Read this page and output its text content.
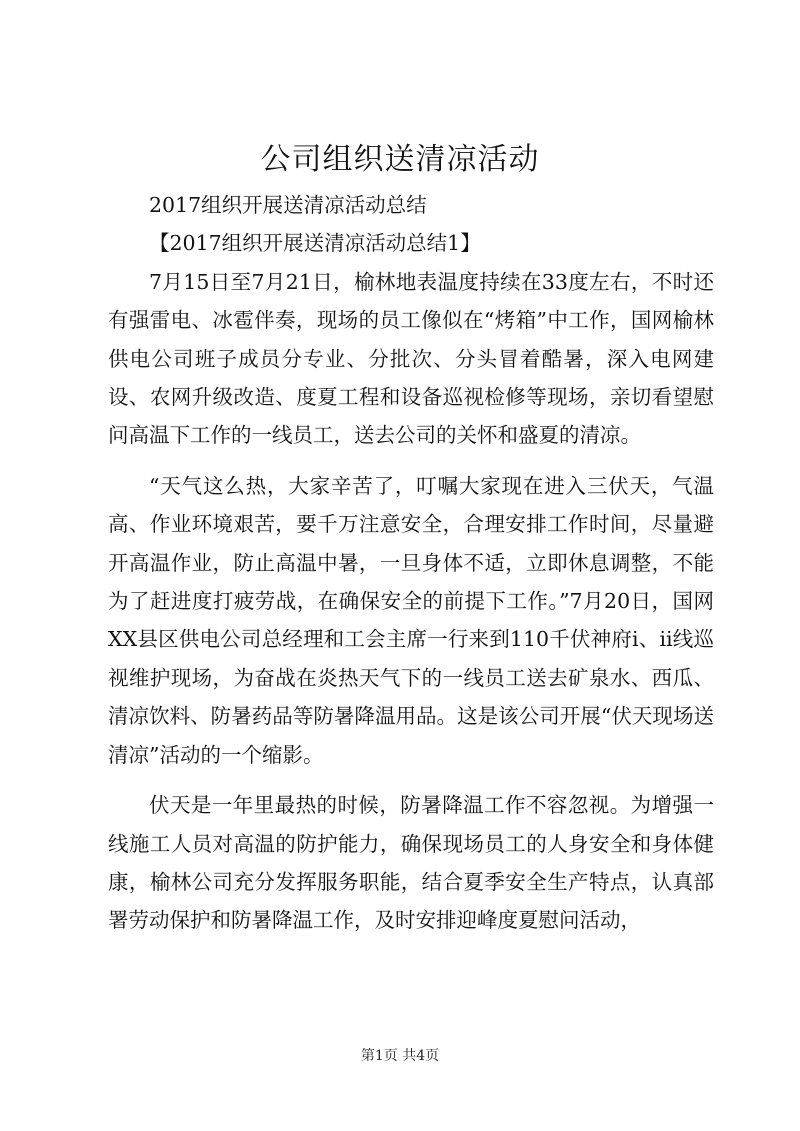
公司组织送清凉活动

2017组织开展送清凉活动总结

【2017组织开展送清凉活动总结1】

7月15日至7月21日，榆林地表温度持续在33度左右，不时还有强雷电、冰雹伴奏，现场的员工像似在“烤箱”中工作，国网榆林供电公司班子成员分专业、分批次、分头冒着酷暑，深入电网建设、农网升级改造、度夏工程和设备巡视检修等现场，亲切看望慰问高温下工作的一线员工，送去公司的关怀和盛夏的清凉。

“天气这么热，大家辛苦了，叮嘱大家现在进入三伏天，气温高、作业环境艰苦，要千万注意安全，合理安排工作时间，尽量避开高温作业，防止高温中暑，一旦身体不适，立即休息调整，不能为了赶进度打疲劳战，在确保安全的前提下工作。”7月20日，国网XX县区供电公司总经理和工会主席一行来到110千伏神府ⅰ、ⅱ线巡视维护现场，为奋战在炎热天气下的一线员工送去矿泉水、西瓜、清凉饮料、防暑药品等防暑降温用品。这是该公司开展“伏天现场送清凉”活动的一个缩影。

伏天是一年里最热的时候，防暑降温工作不容忽视。为增强一线施工人员对高温的防护能力，确保现场员工的人身安全和身体健康，榆林公司充分发挥服务职能，结合夏季安全生产特点，认真部署劳动保护和防暑降温工作，及时安排迎峰度夏慰问活动，

第1页 共4页
